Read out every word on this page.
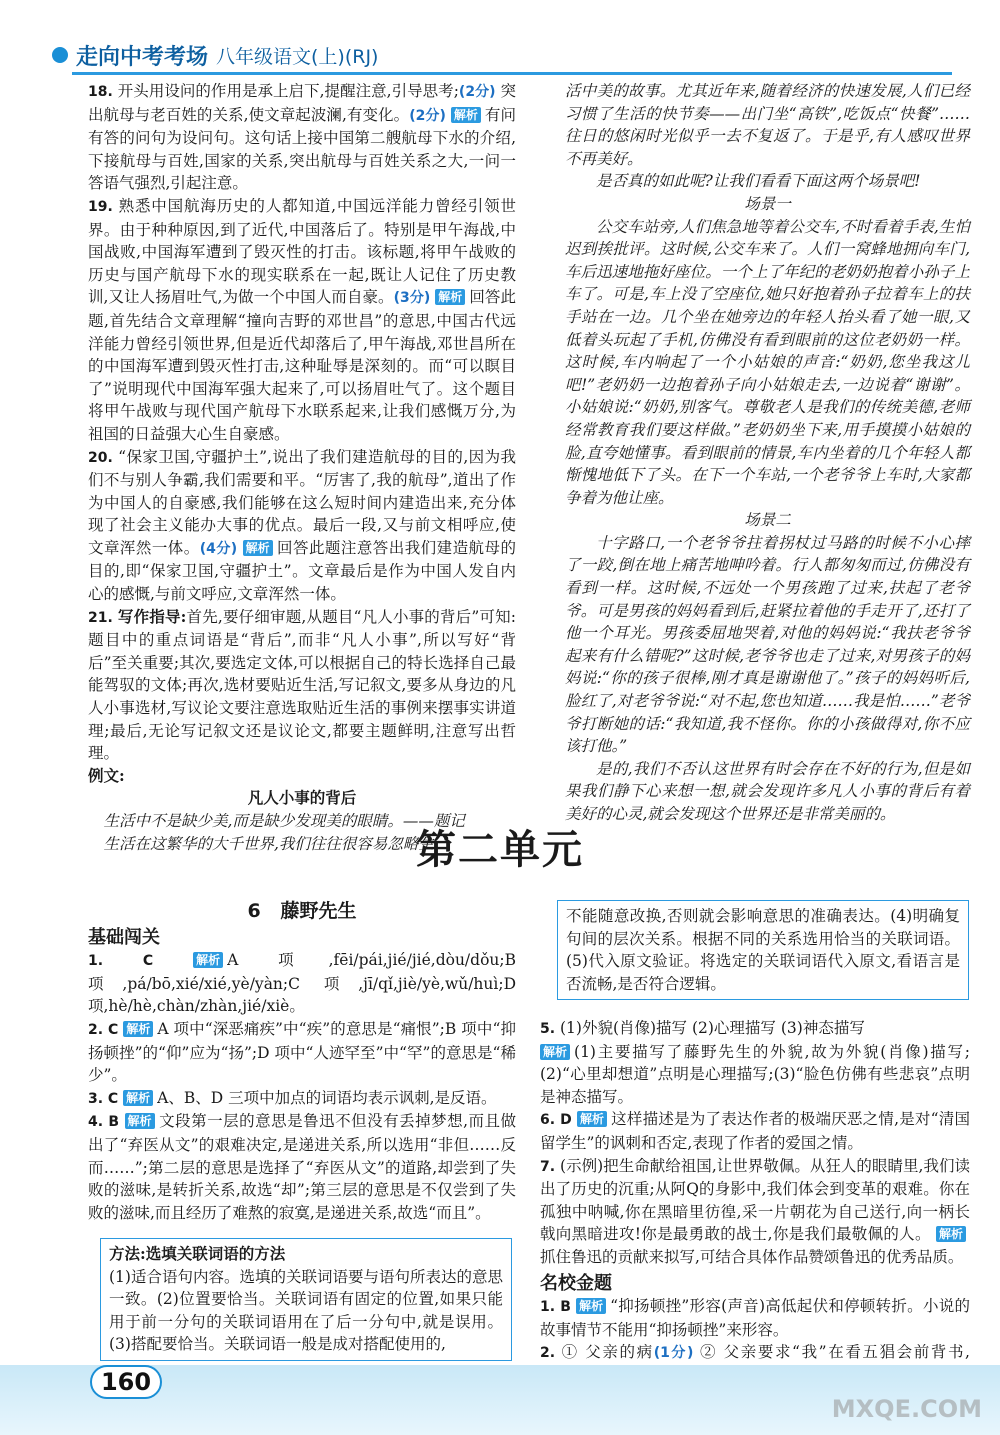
走向中考考场 八年级语文(上)(RJ)

18. 开头用设问的作用是承上启下,提醒注意,引导思考;(2分) 突出航母与老百姓的关系,使文章起波澜,有变化。(2分) 解析 有问有答的问句为设问句。这句话上接中国第二艘航母下水的介绍,下接航母与百姓,国家的关系,突出航母与百姓关系之大,一问一答语气强烈,引起注意。

19. 熟悉中国航海历史的人都知道,中国远洋能力曾经引领世界。由于种种原因,到了近代,中国落后了。特别是甲午海战,中国战败,中国海军遭到了毁灭性的打击。该标题,将甲午战败的历史与国产航母下水的现实联系在一起,既让人记住了历史教训,又让人扬眉吐气,为做一个中国人而自豪。(3分) 解析 回答此题,首先结合文章理解“撞向吉野的邓世昌”的意思,中国古代远洋能力曾经引领世界,但是近代却落后了,甲午海战,邓世昌所在的中国海军遭到毁灭性打击,这种耻辱是深刻的。而“可以瞑目了”说明现代中国海军强大起来了,可以扬眉吐气了。这个题目将甲午战败与现代国产航母下水联系起来,让我们感慨万分,为祖国的日益强大心生自豪感。

20. “保家卫国,守疆护土”,说出了我们建造航母的目的,因为我们不与别人争霸,我们需要和平。“厉害了,我的航母”,道出了作为中国人的自豪感,我们能够在这么短时间内建造出来,充分体现了社会主义能办大事的优点。最后一段,又与前文相呼应,使文章浑然一体。(4分) 解析 回答此题注意答出我们建造航母的目的,即“保家卫国,守疆护土”。文章最后是作为中国人发自内心的感慨,与前文呼应,文章浑然一体。

21. 写作指导:首先,要仔细审题,从题目“凡人小事的背后”可知:题目中的重点词语是“背后”,而非“凡人小事”,所以写好“背后”至关重要;其次,要选定文体,可以根据自己的特长选择自己最能驾驭的文体;再次,选材要贴近生活,写记叙文,要多从身边的凡人小事选材,写议论文要注意选取贴近生活的事例来摆事实讲道理;最后,无论写记叙文还是议论文,都要主题鲜明,注意写出哲理。

例文:

凡人小事的背后

生活中不是缺少美,而是缺少发现美的眼睛。——题记

生活在这繁华的大千世界,我们往往很容易忽略生

活中美的故事。尤其近年来,随着经济的快速发展,人们已经习惯了生活的快节奏——出门坐“高铁”,吃饭点“快餐”……往日的悠闲时光似乎一去不复返了。于是乎,有人感叹世界不再美好。

是否真的如此呢?让我们看看下面这两个场景吧!

场景一

公交车站旁,人们焦急地等着公交车,不时看着手表,生怕迟到挨批评。这时候,公交车来了。人们一窝蜂地拥向车门,车后迅速地拖好座位。一个上了年纪的老奶奶抱着小孙子上车了。可是,车上没了空座位,她只好抱着孙子拉着车上的扶手站在一边。几个坐在她旁边的年轻人抬头看了她一眼,又低着头玩起了手机,仿佛没有看到眼前的这位老奶奶一样。这时候,车内响起了一个小姑娘的声音:“奶奶,您坐我这儿吧!”老奶奶一边抱着孙子向小姑娘走去,一边说着“谢谢”。小姑娘说:“奶奶,别客气。尊敬老人是我们的传统美德,老师经常教育我们要这样做。”老奶奶坐下来,用手摸摸小姑娘的脸,直夸她懂事。看到眼前的情景,车内坐着的几个年轻人都惭愧地低下了头。在下一个车站,一个老爷爷上车时,大家都争着为他让座。

场景二

十字路口,一个老爷爷拄着拐杖过马路的时候不小心摔了一跤,倒在地上痛苦地呻吟着。行人都匆匆而过,仿佛没有看到一样。这时候,不远处一个男孩跑了过来,扶起了老爷爷。可是男孩的妈妈看到后,赶紧拉着他的手走开了,还打了他一个耳光。男孩委屈地哭着,对他的妈妈说:“我扶老爷爷起来有什么错呢?”这时候,老爷爷也走了过来,对男孩子的妈妈说:“你的孩子很棒,刚才真是谢谢他了。”孩子的妈妈听后,脸红了,对老爷爷说:“对不起,您也知道……我是怕……”老爷爷打断她的话:“我知道,我不怪你。你的小孩做得对,你不应该打他。”

是的,我们不否认这世界有时会存在不好的行为,但是如果我们静下心来想一想,就会发现许多凡人小事的背后有着美好的心灵,就会发现这个世界还是非常美丽的。

第二单元

6 藤野先生

基础闯关

1. C	解析 A 项,fēi/pái,jié/jié,dòu/dǒu;B 项,pá/bō,xié/xié,yè/yàn;C 项,jī/qǐ,jiè/yè,wǔ/huì;D 项,hè/hè,chàn/zhàn,jié/xiè。

2. C 解析 A 项中“深恶痛疾”中“疾”的意思是“痛恨”;B 项中“抑扬顿挫”的“仰”应为“扬”;D 项中“人迹罕至”中“罕”的意思是“稀少”。

3. C 解析 A、B、D 三项中加点的词语均表示讽刺,是反语。

4. B 解析 文段第一层的意思是鲁迅不但没有丢掉梦想,而且做出了“弃医从文”的艰难决定,是递进关系,所以选用“非但……反而……”;第二层的意思是选择了“弃医从文”的道路,却尝到了失败的滋味,是转折关系,故选“却”;第三层的意思是不仅尝到了失败的滋味,而且经历了难熬的寂寞,是递进关系,故选“而且”。

方法:选填关联词语的方法

(1)适合语句内容。选填的关联词语要与语句所表达的意思一致。(2)位置要恰当。关联词语有固定的位置,如果只能用于前一分句的关联词语用在了后一分句中,就是误用。(3)搭配要恰当。关联词语一般是成对搭配使用的,

不能随意改换,否则就会影响意思的准确表达。(4)明确复句间的层次关系。根据不同的关系选用恰当的关联词语。(5)代入原文验证。将选定的关联词语代入原文,看语言是否流畅,是否符合逻辑。

5. (1)外貌(肖像)描写 (2)心理描写 (3)神态描写
解析 (1)主要描写了藤野先生的外貌,故为外貌(肖像)描写;(2)“心里却想道”点明是心理描写;(3)“脸色仿佛有些悲哀”点明是神态描写。

6. D 解析 这样描述是为了表达作者的极端厌恶之情,是对“清国留学生”的讽刺和否定,表现了作者的爱国之情。

7. (示例)把生命献给祖国,让世界敬佩。从狂人的眼睛里,我们读出了历史的沉重;从阿Q的身影中,我们体会到变革的艰难。你在孤独中呐喊,你在黑暗里彷徨,采一片朝花为自己送行,向一柄长戟向黑暗进攻!你是最勇敢的战士,你是我们最敬佩的人。 解析抓住鲁迅的贡献来拟写,可结合具体作品赞颂鲁迅的优秀品质。

名校金题

1. B 解析 “抑扬顿挫”形容(声音)高低起伏和停顿转折。小说的故事情节不能用“抑扬顿挫”来形容。

2. ① 父亲的病(1分) ② 父亲要求“我”在看五猖会前背书,

160
MXQE.COM
